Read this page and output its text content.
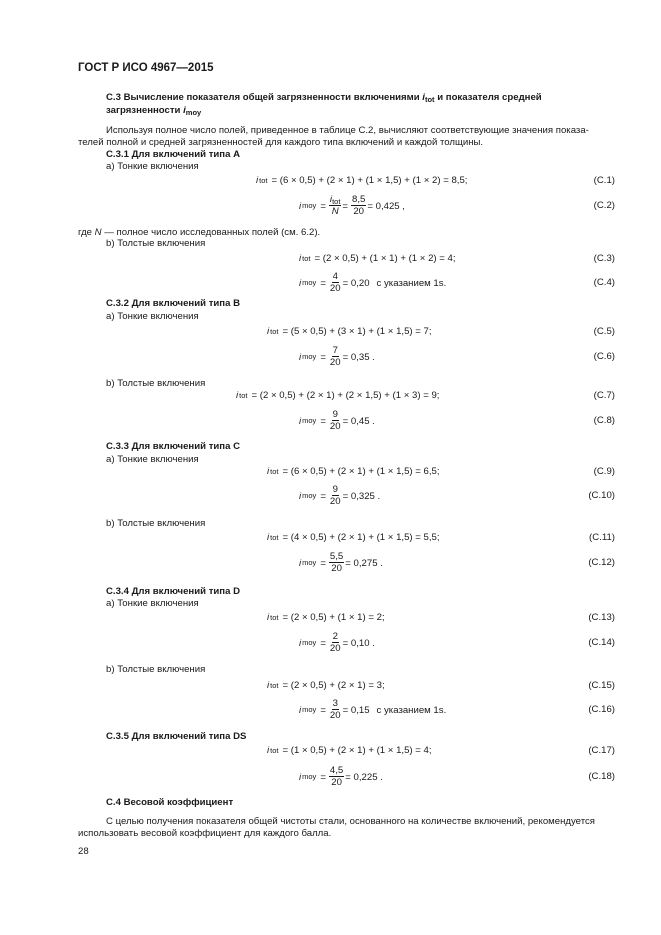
ГОСТ Р ИСО 4967—2015
С.3 Вычисление показателя общей загрязненности включениями $i_{tot}$ и показателя средней
загрязненности $i_{moy}$
Используя полное число полей, приведенное в таблице С.2, вычисляют соответствующие значения показа-
телей полной и средней загрязненностей для каждого типа включений и каждой толщины.
С.3.1 Для включений типа А
а) Тонкие включения
i tot = (6 × 0,5) + (2 × 1) + (1 × 1,5) + (1 × 2) = 8,5;	(С.1)
i moy = $\frac{i_{tot}}{N} = \frac{8,5}{20} = 0,425$ ,	(С.2)
b) Толстые включения
i tot = (2 × 0,5) + (1 × 1) + (1 × 2) = 4;	(С.3)
i moy = $\frac{4}{20} = 0,20$ с указанием 1s.	(С.4)
С.3.2 Для включений типа В
а) Тонкие включения
i tot = (5 × 0,5) + (3 × 1) + (1 × 1,5) = 7;	(С.5)
i moy = $\frac{7}{20} = 0,35$ .	(С.6)
b) Толстые включения
i tot = (2 × 0,5) + (2 × 1) + (2 × 1,5) + (1 × 3) = 9;	(С.7)
i moy = $\frac{9}{20} = 0,45$ .	(С.8)
С.3.3 Для включений типа С
а) Тонкие включения
i tot = (6 × 0,5) + (2 × 1) + (1 × 1,5) = 6,5;	(С.9)
i moy = $\frac{9}{20} = 0,325$ .	(С.10)
b) Толстые включения
i tot = (4 × 0,5) + (2 × 1) + (1 × 1,5) = 5,5;	(С.11)
i moy = $\frac{5,5}{20} = 0,275$ .	(С.12)
С.3.4 Для включений типа D
а) Тонкие включения
i tot = (2 × 0,5) + (1 × 1) = 2;	(С.13)
i moy = $\frac{2}{20} = 0,10$ .	(С.14)
b) Толстые включения
i tot = (2 × 0,5) + (2 × 1) = 3;	(С.15)
i moy = $\frac{3}{20} = 0,15$ с указанием 1s.	(С.16)
где N — полное число исследованных полей (см. 6.2).
С.3.5 Для включений типа DS
i tot = (1 × 0,5) + (2 × 1) + (1 × 1,5) = 4;	(С.17)
i moy = $\frac{4,5}{20} = 0,225$ .	(С.18)
С.4 Весовой коэффициент
С целью получения показателя общей чистоты стали, основанного на количестве включений, рекомендуется
использовать весовой коэффициент для каждого балла.
28
